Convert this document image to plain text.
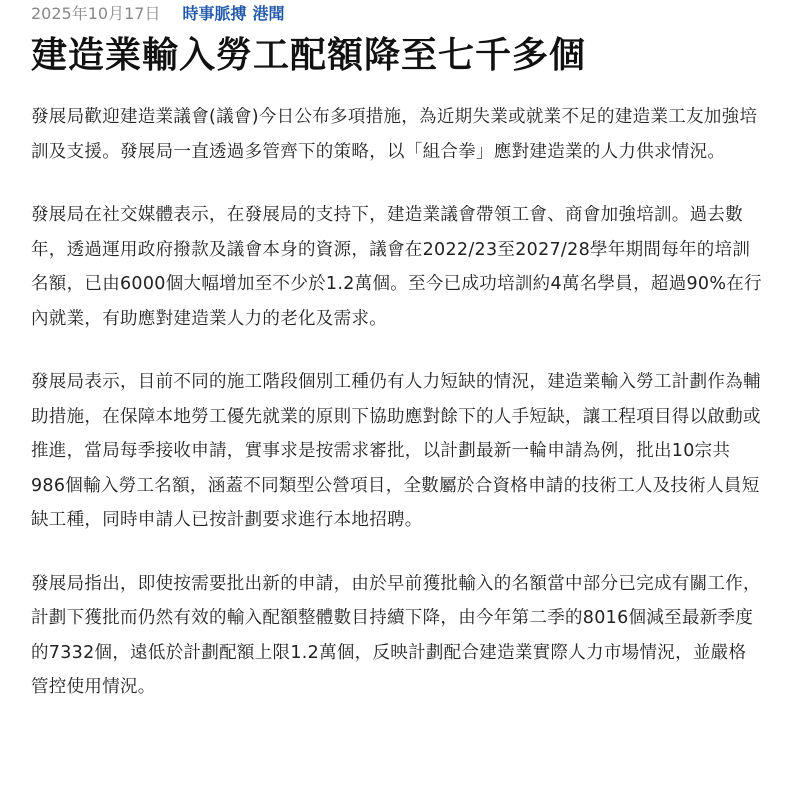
2025年10月17日 時事脈搏 港聞
建造業輸入勞工配額降至七千多個

發展局歡迎建造業議會(議會)今日公布多項措施，為近期失業或就業不足的建造業工友加強培訓及支援。發展局一直透過多管齊下的策略，以「組合拳」應對建造業的人力供求情況。

發展局在社交媒體表示，在發展局的支持下，建造業議會帶領工會、商會加強培訓。過去數年，透過運用政府撥款及議會本身的資源，議會在2022/23至2027/28學年期間每年的培訓名額，已由6000個大幅增加至不少於1.2萬個。至今已成功培訓約4萬名學員，超過90%在行內就業，有助應對建造業人力的老化及需求。

發展局表示，目前不同的施工階段個別工種仍有人力短缺的情況，建造業輸入勞工計劃作為輔助措施，在保障本地勞工優先就業的原則下協助應對餘下的人手短缺，讓工程項目得以啟動或推進，當局每季接收申請，實事求是按需求審批，以計劃最新一輪申請為例，批出10宗共986個輸入勞工名額，涵蓋不同類型公營項目，全數屬於合資格申請的技術工人及技術人員短缺工種，同時申請人已按計劃要求進行本地招聘。

發展局指出，即使按需要批出新的申請，由於早前獲批輸入的名額當中部分已完成有關工作，計劃下獲批而仍然有效的輸入配額整體數目持續下降，由今年第二季的8016個減至最新季度的7332個，遠低於計劃配額上限1.2萬個，反映計劃配合建造業實際人力市場情況，並嚴格管控使用情況。
